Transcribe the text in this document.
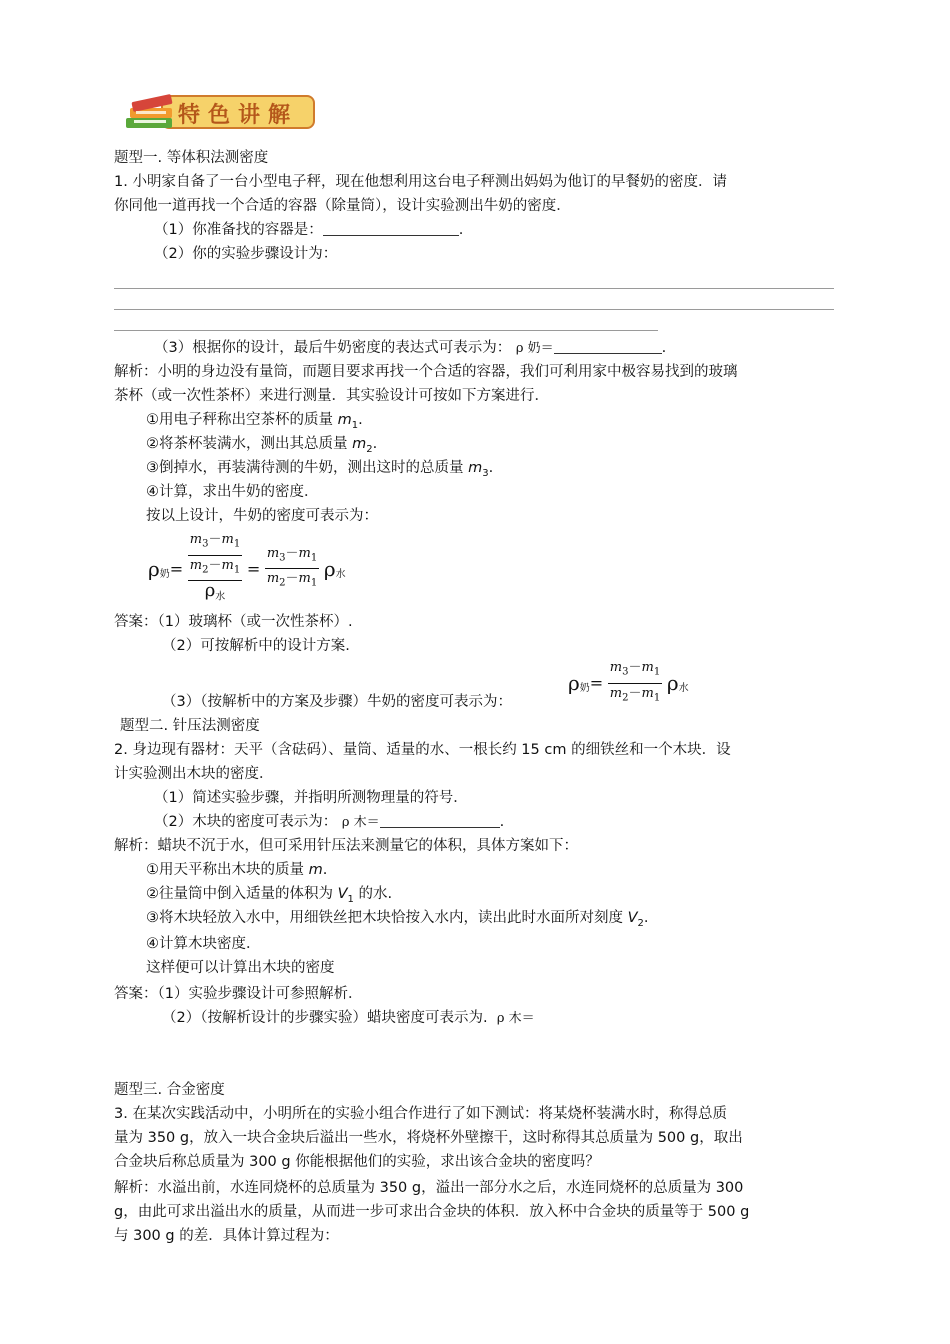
特色讲解
题型一. 等体积法测密度
1. 小明家自备了一台小型电子秤，现在他想利用这台电子秤测出妈妈为他订的早餐奶的密度．请
你同他一道再找一个合适的容器（除量筒），设计实验测出牛奶的密度．
（1）你准备找的容器是：	.
（2）你的实验步骤设计为：
（3）根据你的设计，最后牛奶密度的表达式可表示为： ρ 奶＝	.
解析：小明的身边没有量筒，而题目要求再找一个合适的容器，我们可利用家中极容易找到的玻璃
茶杯（或一次性茶杯）来进行测量．其实验设计可按如下方案进行．
①用电子秤称出空茶杯的质量 $m_1$.
②将茶杯装满水，测出其总质量 $m_2$.
③倒掉水，再装满待测的牛奶，测出这时的总质量 $m_3$.
④计算，求出牛奶的密度．
按以上设计，牛奶的密度可表示为：
$\rho_奶=$
$m_3-m_1$
$m_2-m_1$
$\rho_水$
= $\frac{m_3-m_1}{m_2-m_1} \rho_水$
答案：（1）玻璃杯（或一次性茶杯）.
（2）可按解析中的设计方案.
$\rho_奶= \frac{m_3-m_1}{m_2-m_1} \rho_水$
（3）（按解析中的方案及步骤）牛奶的密度可表示为：
题型二. 针压法测密度
2. 身边现有器材：天平（含砝码）、量筒、适量的水、一根长约 15 cm 的细铁丝和一个木块．设
计实验测出木块的密度．
（1）简述实验步骤，并指明所测物理量的符号．
（2）木块的密度可表示为： ρ 木＝	.
解析：蜡块不沉于水，但可采用针压法来测量它的体积，具体方案如下：
①用天平称出木块的质量 m.
②往量筒中倒入适量的体积为 $V_1$ 的水.
③将木块轻放入水中，用细铁丝把木块恰按入水内，读出此时水面所对刻度 $V_2$.
④计算木块密度．
这样便可以计算出木块的密度
答案：（1）实验步骤设计可参照解析．
（2）（按解析设计的步骤实验）蜡块密度可表示为. ρ 木＝
题型三. 合金密度
3. 在某次实践活动中，小明所在的实验小组合作进行了如下测试：将某烧杯装满水时，称得总质
量为 350 g，放入一块合金块后溢出一些水，将烧杯外壁擦干，这时称得其总质量为 500 g，取出
合金块后称总质量为 300 g 你能根据他们的实验，求出该合金块的密度吗？
解析：水溢出前，水连同烧杯的总质量为 350 g，溢出一部分水之后，水连同烧杯的总质量为 300
g，由此可求出溢出水的质量，从而进一步可求出合金块的体积．放入杯中合金块的质量等于 500 g
与 300 g 的差．具体计算过程为：
